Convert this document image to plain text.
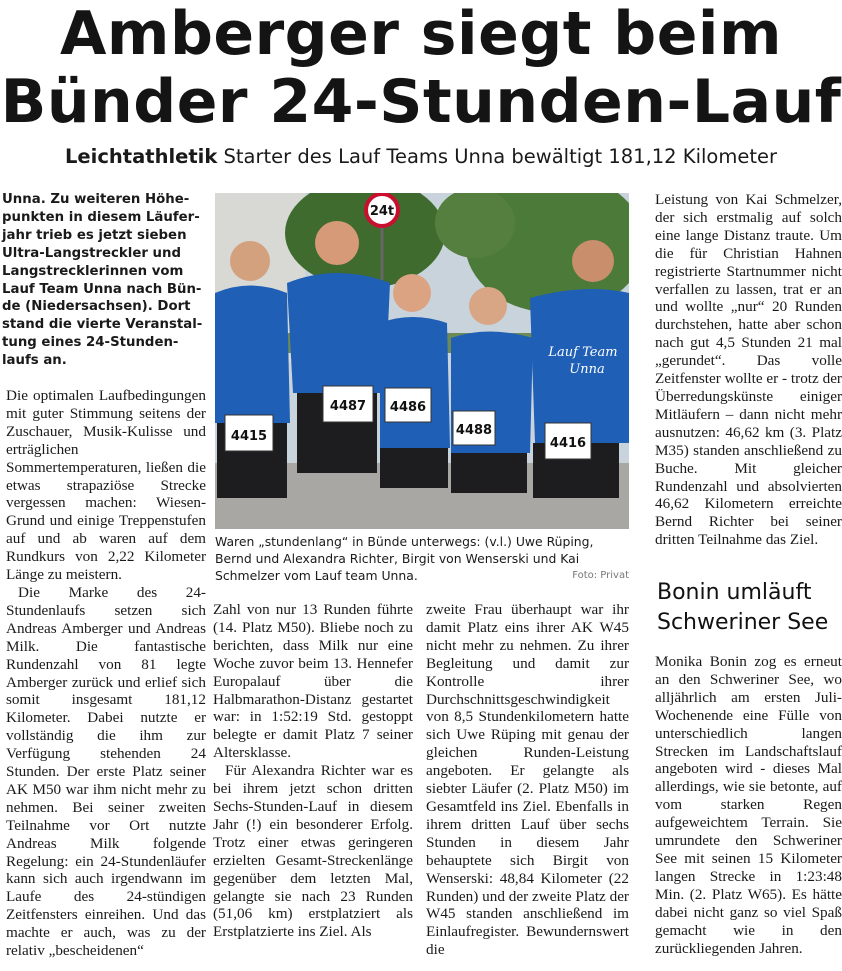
Amberger siegt beim
Bünder 24-Stunden-Lauf
Leichtathletik Starter des Lauf Teams Unna bewältigt 181,12 Kilometer
Unna. Zu weiteren Höhe-
punkten in diesem Läufer-
jahr trieb es jetzt sieben
Ultra-Langstreckler und
Langstrecklerinnen vom
Lauf Team Unna nach Bün-
de (Niedersachsen). Dort
stand die vierte Veranstal-
tung eines 24-Stunden-
laufs an.

Die optimalen Laufbedingungen mit guter Stimmung seitens der Zuschauer, Musik-Kulisse und erträglichen Sommertemperaturen, ließen die etwas strapaziöse Strecke vergessen machen: Wiesen-Grund und einige Treppenstufen auf und ab waren auf dem Rundkurs von 2,22 Kilometer Länge zu meistern.

Die Marke des 24-Stundenlaufs setzen sich Andreas Amberger und Andreas Milk. Die fantastische Rundenzahl von 81 legte Amberger zurück und erlief sich somit insgesamt 181,12 Kilometer. Dabei nutzte er vollständig die ihm zur Verfügung stehenden 24 Stunden. Der erste Platz seiner AK M50 war ihm nicht mehr zu nehmen. Bei seiner zweiten Teilnahme vor Ort nutzte Andreas Milk folgende Regelung: ein 24-Stundenläufer kann sich auch irgendwann im Laufe des 24-stündigen Zeitfensters einreihen. Und das machte er auch, was zu der relativ „bescheidenen“

24t
4415
4487 4486
4488
4416
Lauf Team
Unna
Waren „stundenlang“ in Bünde unterwegs: (v.l.) Uwe Rüping, Bernd und Alexandra Richter, Birgit von Wenserski und Kai Schmelzer vom Lauf team Unna.	Foto: Privat

Zahl von nur 13 Runden führte (14. Platz M50). Bliebe noch zu berichten, dass Milk nur eine Woche zuvor beim 13. Hennefer Europalauf über die Halbmarathon-Distanz gestartet war: in 1:52:19 Std. gestoppt belegte er damit Platz 7 seiner Altersklasse.

Für Alexandra Richter war es bei ihrem jetzt schon dritten Sechs-Stunden-Lauf in diesem Jahr (!) ein besonderer Erfolg. Trotz einer etwas geringeren erzielten Gesamt-Streckenlänge gegenüber dem letzten Mal, gelangte sie nach 23 Runden (51,06 km) erstplatziert als Erstplatzierte ins Ziel. Als

zweite Frau überhaupt war ihr damit Platz eins ihrer AK W45 nicht mehr zu nehmen. Zu ihrer Begleitung und damit zur Kontrolle ihrer Durchschnittsgeschwindigkeit von 8,5 Stundenkilometern hatte sich Uwe Rüping mit genau der gleichen Runden-Leistung angeboten. Er gelangte als siebter Läufer (2. Platz M50) im Gesamtfeld ins Ziel. Ebenfalls in ihrem dritten Lauf über sechs Stunden in diesem Jahr behauptete sich Birgit von Wenserski: 48,84 Kilometer (22 Runden) und der zweite Platz der W45 standen anschließend im Einlaufregister. Bewundernswert die

Leistung von Kai Schmelzer, der sich erstmalig auf solch eine lange Distanz traute. Um die für Christian Hahnen registrierte Startnummer nicht verfallen zu lassen, trat er an und wollte „nur“ 20 Runden durchstehen, hatte aber schon nach gut 4,5 Stunden 21 mal „gerundet“. Das volle Zeitfenster wollte er - trotz der Überredungskünste einiger Mitläufern – dann nicht mehr ausnutzen: 46,62 km (3. Platz M35) standen anschließend zu Buche. Mit gleicher Rundenzahl und absolvierten 46,62 Kilometern erreichte Bernd Richter bei seiner dritten Teilnahme das Ziel.

Bonin umläuft
Schweriner See

Monika Bonin zog es erneut an den Schweriner See, wo alljährlich am ersten Juli-Wochenende eine Fülle von unterschiedlich langen Strecken im Landschaftslauf angeboten wird - dieses Mal allerdings, wie sie betonte, auf vom starken Regen aufgeweichtem Terrain. Sie umrundete den Schweriner See mit seinen 15 Kilometer langen Strecke in 1:23:48 Min. (2. Platz W65). Es hätte dabei nicht ganz so viel Spaß gemacht wie in den zurückliegenden Jahren.
